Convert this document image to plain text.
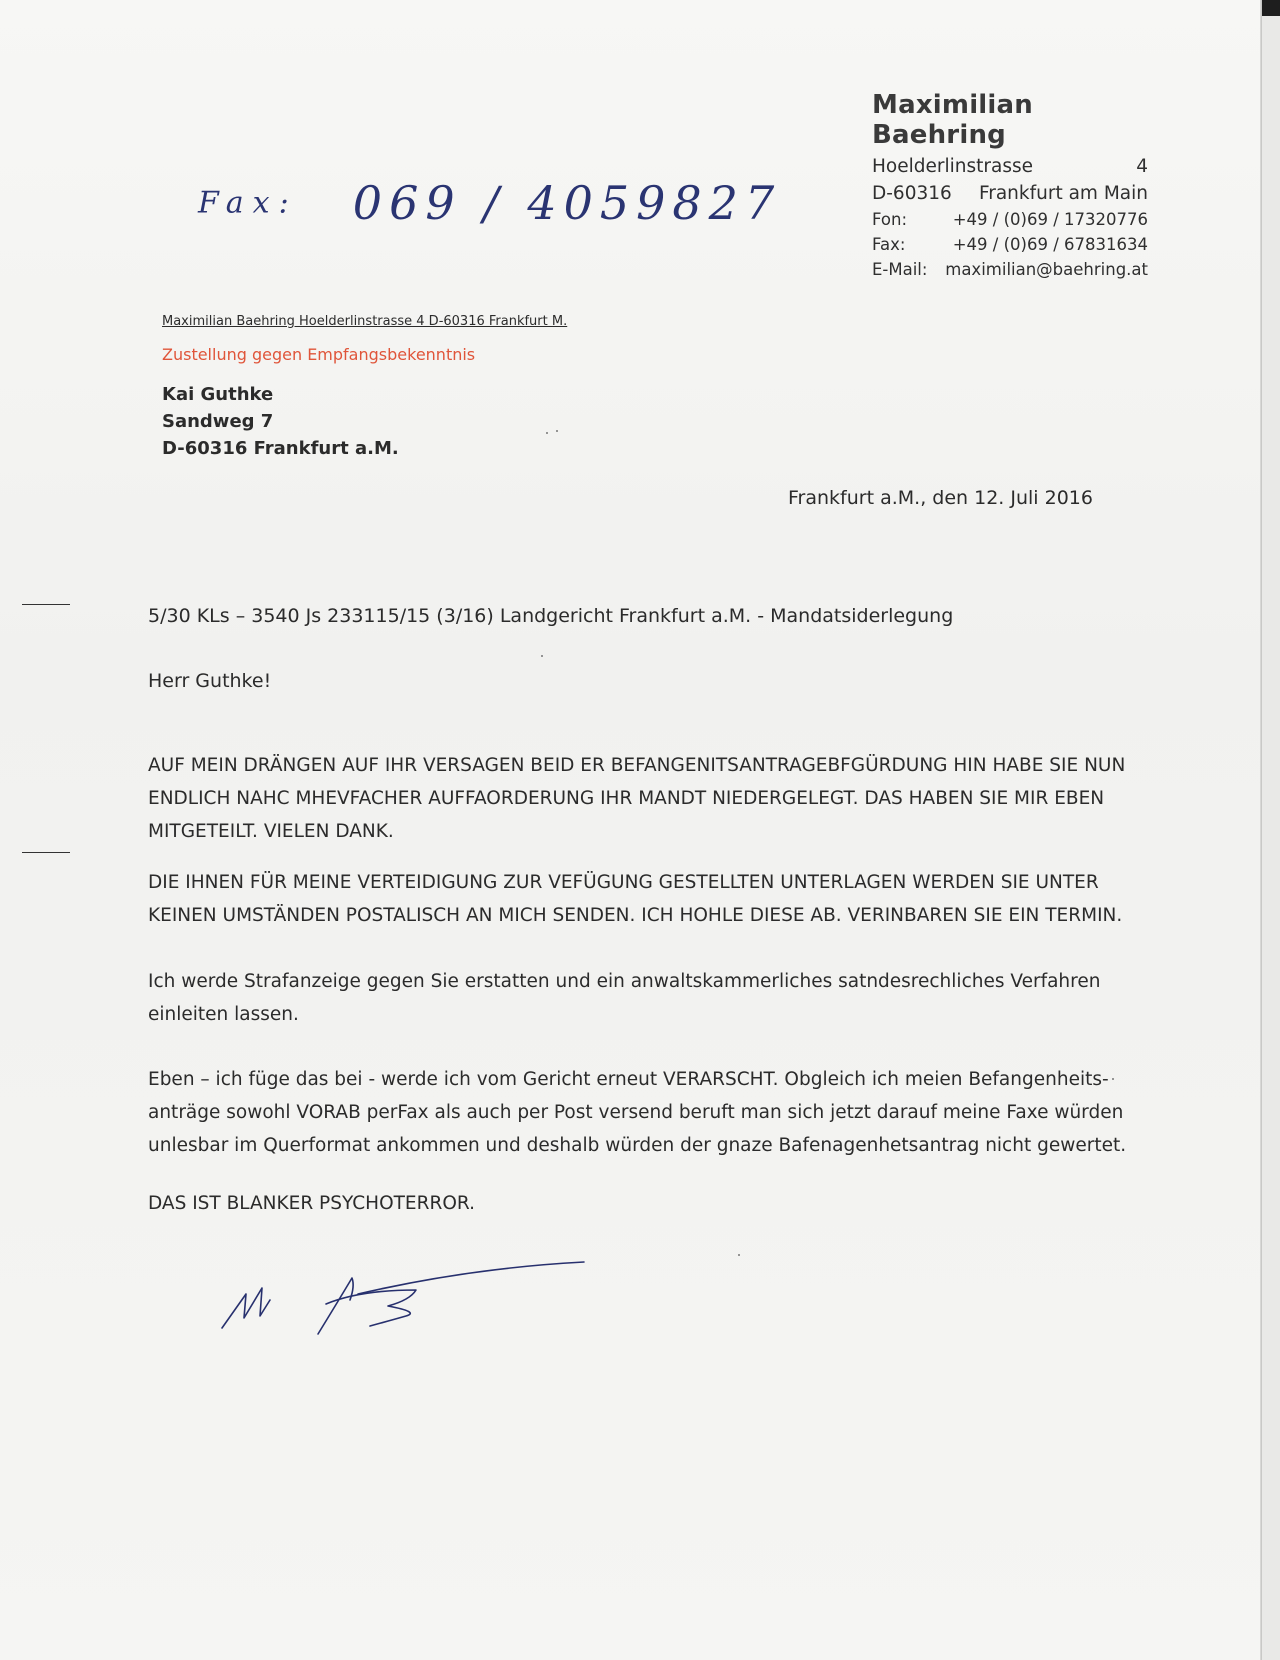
Maximilian Baehring
Hoelderlinstrasse	4
D-60316 Frankfurt am Main
Fon:	+49 / (0)69 / 17320776
Fax:	+49 / (0)69 / 67831634
E-Mail:	maximilian@baehring.at
Fax: 069 / 4059827
Maximilian Baehring Hoelderlinstrasse 4 D-60316 Frankfurt M.
Zustellung gegen Empfangsbekenntnis
Kai Guthke
Sandweg 7
D-60316 Frankfurt a.M.
Frankfurt a.M., den 12. Juli 2016
5/30 KLs – 3540 Js 233115/15 (3/16) Landgericht Frankfurt a.M. - Mandatsiderlegung
Herr Guthke!
AUF MEIN DRÄNGEN AUF IHR VERSAGEN BEID ER BEFANGENITSANTRAGEBFGÜRDUNG HIN HABE SIE NUN ENDLICH NAHC MHEVFACHER AUFFAORDERUNG IHR MANDT NIEDERGELEGT. DAS HABEN SIE MIR EBEN MITGETEILT. VIELEN DANK.
DIE IHNEN FÜR MEINE VERTEIDIGUNG ZUR VEFÜGUNG GESTELLTEN UNTERLAGEN WERDEN SIE UNTER KEINEN UMSTÄNDEN POSTALISCH AN MICH SENDEN. ICH HOHLE DIESE AB. VERINBAREN SIE EIN TERMIN.
Ich werde Strafanzeige gegen Sie erstatten und ein anwaltskammerliches satndesrechliches Verfahren einleiten lassen.
Eben – ich füge das bei - werde ich vom Gericht erneut VERARSCHT. Obgleich ich meien Befangenheits-anträge sowohl VORAB perFax als auch per Post versend beruft man sich jetzt darauf meine Faxe würden unlesbar im Querformat ankommen und deshalb würden der gnaze Bafenagenhetsantrag nicht gewertet.
DAS IST BLANKER PSYCHOTERROR.
